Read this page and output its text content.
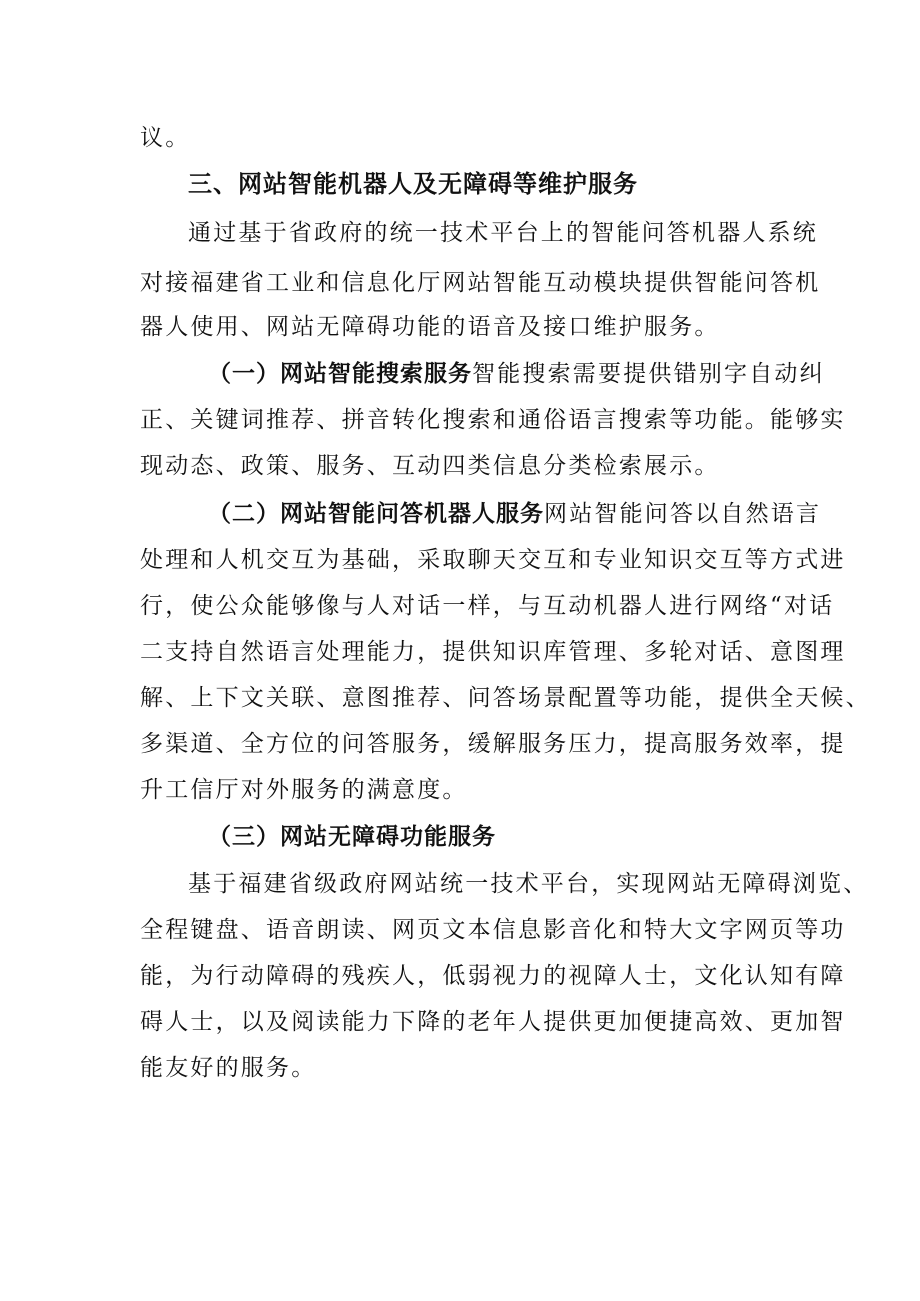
议。
三、网站智能机器人及无障碍等维护服务
通过基于省政府的统一技术平台上的智能问答机器人系统
对接福建省工业和信息化厅网站智能互动模块提供智能问答机
器人使用、网站无障碍功能的语音及接口维护服务。
（一）网站智能搜索服务智能搜索需要提供错别字自动纠
正、关键词推荐、拼音转化搜索和通俗语言搜索等功能。能够实
现动态、政策、服务、互动四类信息分类检索展示。
（二）网站智能问答机器人服务网站智能问答以自然语言
处理和人机交互为基础，采取聊天交互和专业知识交互等方式进
行，使公众能够像与人对话一样，与互动机器人进行网络“对话
二支持自然语言处理能力，提供知识库管理、多轮对话、意图理
解、上下文关联、意图推荐、问答场景配置等功能，提供全天候、
多渠道、全方位的问答服务，缓解服务压力，提高服务效率，提
升工信厅对外服务的满意度。
（三）网站无障碍功能服务
基于福建省级政府网站统一技术平台，实现网站无障碍浏览、
全程键盘、语音朗读、网页文本信息影音化和特大文字网页等功
能，为行动障碍的残疾人，低弱视力的视障人士，文化认知有障
碍人士，以及阅读能力下降的老年人提供更加便捷高效、更加智
能友好的服务。
